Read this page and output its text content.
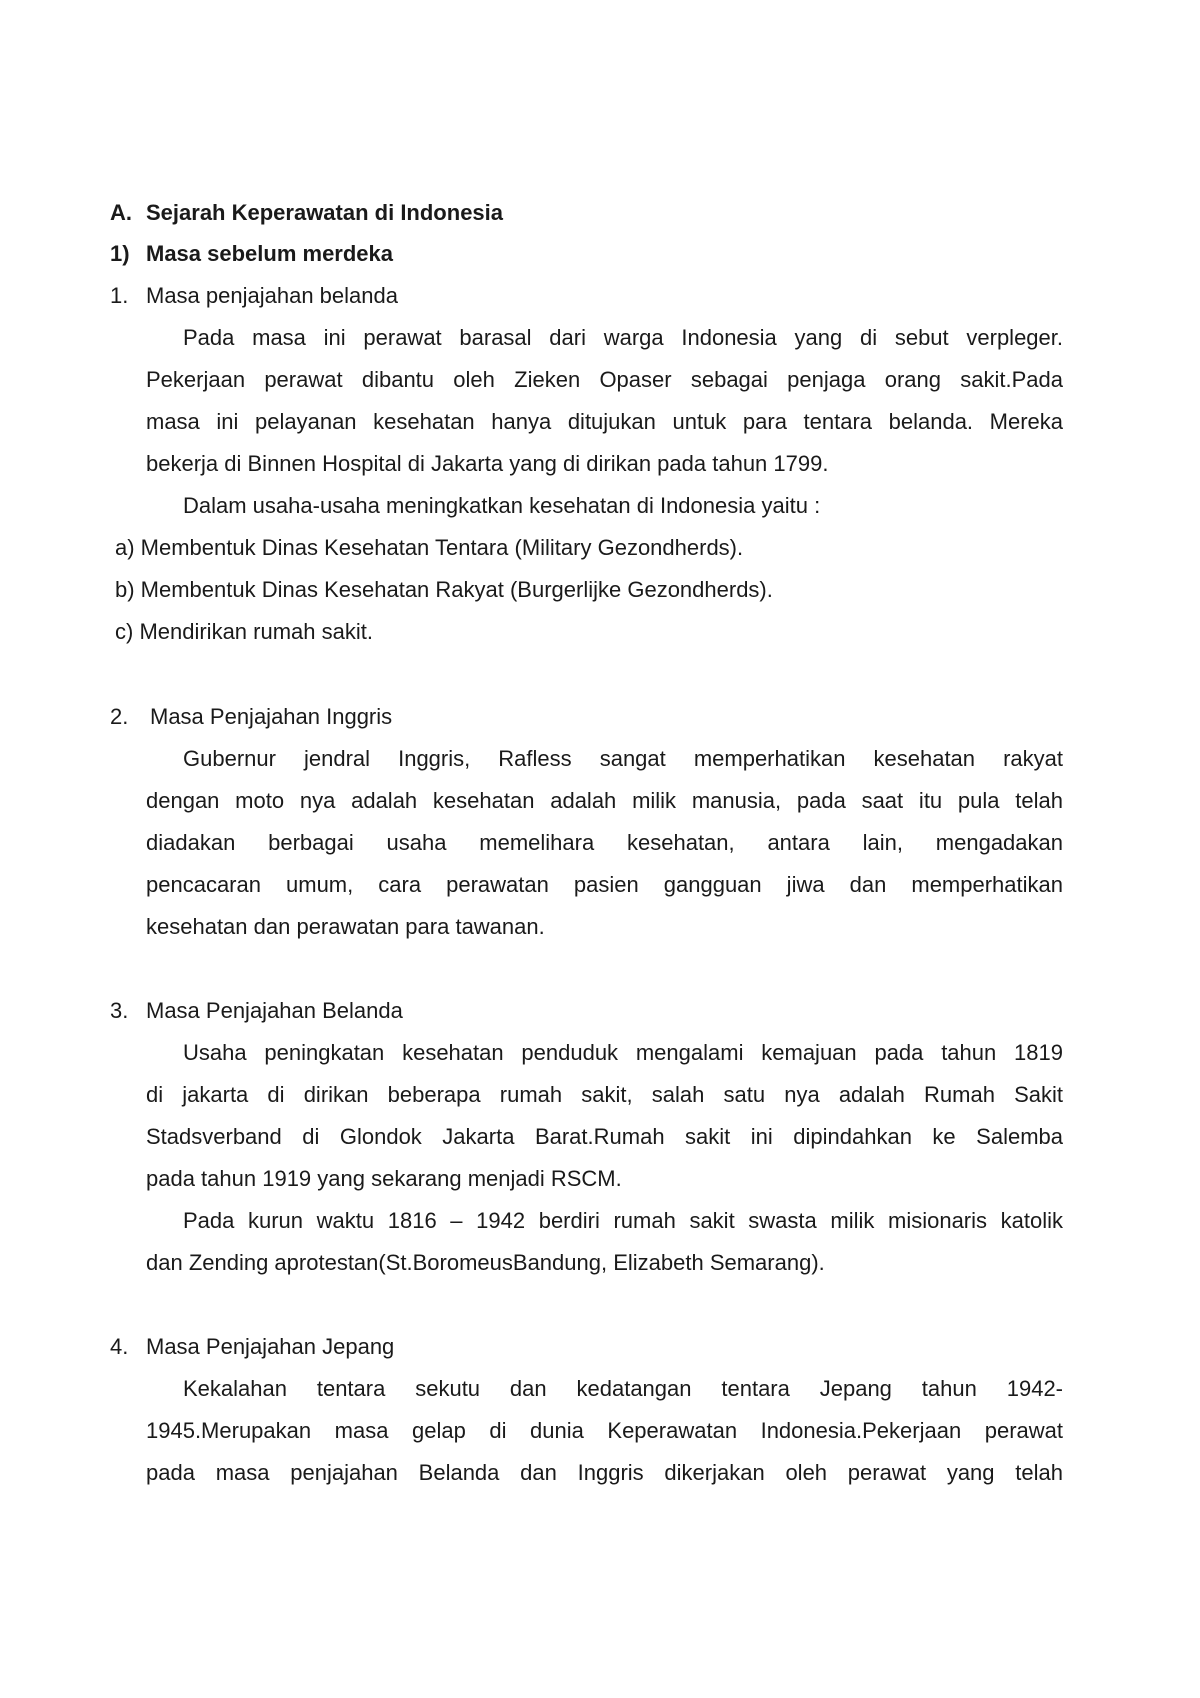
A. Sejarah Keperawatan di Indonesia

1) Masa sebelum merdeka

1. Masa penjajahan belanda

Pada masa ini perawat barasal dari warga Indonesia yang di sebut verpleger.

Pekerjaan perawat dibantu oleh Zieken Opaser sebagai penjaga orang sakit.Pada

masa ini pelayanan kesehatan hanya ditujukan untuk para tentara belanda. Mereka

bekerja di Binnen Hospital di Jakarta yang di dirikan pada tahun 1799.

Dalam usaha-usaha meningkatkan kesehatan di Indonesia yaitu :

a) Membentuk Dinas Kesehatan Tentara (Military Gezondherds).

b) Membentuk Dinas Kesehatan Rakyat (Burgerlijke Gezondherds).

c) Mendirikan rumah sakit.

2. Masa Penjajahan Inggris

Gubernur jendral Inggris, Rafless sangat memperhatikan kesehatan rakyat

dengan moto nya adalah kesehatan adalah milik manusia, pada saat itu pula telah

diadakan berbagai usaha memelihara kesehatan, antara lain, mengadakan

pencacaran umum, cara perawatan pasien gangguan jiwa dan memperhatikan

kesehatan dan perawatan para tawanan.

3. Masa Penjajahan Belanda

Usaha peningkatan kesehatan penduduk mengalami kemajuan pada tahun 1819

di jakarta di dirikan beberapa rumah sakit, salah satu nya adalah Rumah Sakit

Stadsverband di Glondok Jakarta Barat.Rumah sakit ini dipindahkan ke Salemba

pada tahun 1919 yang sekarang menjadi RSCM.

Pada kurun waktu 1816 – 1942 berdiri rumah sakit swasta milik misionaris katolik

dan Zending aprotestan(St.BoromeusBandung, Elizabeth Semarang).

4. Masa Penjajahan Jepang

Kekalahan tentara sekutu dan kedatangan tentara Jepang tahun 1942-

1945.Merupakan masa gelap di dunia Keperawatan Indonesia.Pekerjaan perawat

pada masa penjajahan Belanda dan Inggris dikerjakan oleh perawat yang telah
